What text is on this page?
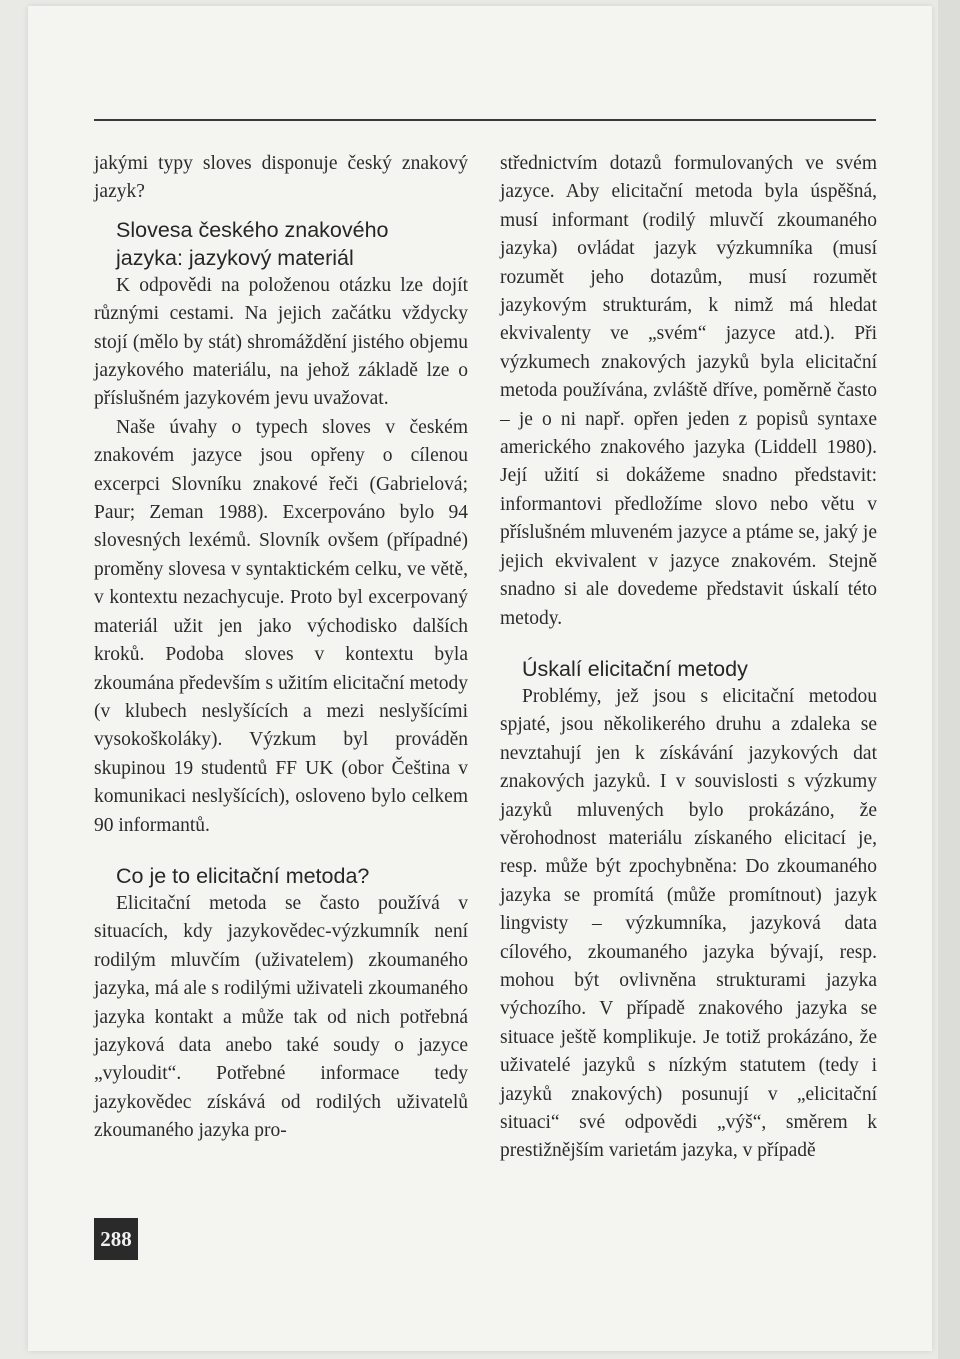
jakými typy sloves disponuje český znakový jazyk?

Slovesa českého znakového jazyka: jazykový materiál

K odpovědi na položenou otázku lze dojít různými cestami. Na jejich začátku vždycky stojí (mělo by stát) shromáždění jistého objemu jazykového materiálu, na jehož základě lze o příslušném jazykovém jevu uvažovat.

Naše úvahy o typech sloves v českém znakovém jazyce jsou opřeny o cílenou excerpci Slovníku znakové řeči (Gabrielová; Paur; Zeman 1988). Excerpováno bylo 94 slovesných lexémů. Slovník ovšem (případné) proměny slovesa v syntaktickém celku, ve větě, v kontextu nezachycuje. Proto byl excerpovaný materiál užit jen jako východisko dalších kroků. Podoba sloves v kontextu byla zkoumána především s užitím elicitační metody (v klubech neslyšících a mezi neslyšícími vysokoškoláky). Výzkum byl prováděn skupinou 19 studentů FF UK (obor Čeština v komunikaci neslyšících), osloveno bylo celkem 90 informantů.

Co je to elicitační metoda?

Elicitační metoda se často používá v situacích, kdy jazykovědec-výzkumník není rodilým mluvčím (uživatelem) zkoumaného jazyka, má ale s rodilými uživateli zkoumaného jazyka kontakt a může tak od nich potřebná jazyková data anebo také soudy o jazyce „vyloudit“. Potřebné informace tedy jazykovědec získává od rodilých uživatelů zkoumaného jazyka pro-

střednictvím dotazů formulovaných ve svém jazyce. Aby elicitační metoda byla úspěšná, musí informant (rodilý mluvčí zkoumaného jazyka) ovládat jazyk výzkumníka (musí rozumět jeho dotazům, musí rozumět jazykovým strukturám, k nimž má hledat ekvivalenty ve „svém“ jazyce atd.). Při výzkumech znakových jazyků byla elicitační metoda používána, zvláště dříve, poměrně často – je o ni např. opřen jeden z popisů syntaxe amerického znakového jazyka (Liddell 1980). Její užití si dokážeme snadno představit: informantovi předložíme slovo nebo větu v příslušném mluveném jazyce a ptáme se, jaký je jejich ekvivalent v jazyce znakovém. Stejně snadno si ale dovedeme představit úskalí této metody.

Úskalí elicitační metody

Problémy, jež jsou s elicitační metodou spjaté, jsou několikerého druhu a zdaleka se nevztahují jen k získávání jazykových dat znakových jazyků. I v souvislosti s výzkumy jazyků mluvených bylo prokázáno, že věrohodnost materiálu získaného elicitací je, resp. může být zpochybněna: Do zkoumaného jazyka se promítá (může promítnout) jazyk lingvisty – výzkumníka, jazyková data cílového, zkoumaného jazyka bývají, resp. mohou být ovlivněna strukturami jazyka výchozího. V případě znakového jazyka se situace ještě komplikuje. Je totiž prokázáno, že uživatelé jazyků s nízkým statutem (tedy i jazyků znakových) posunují v „elicitační situaci“ své odpovědi „výš“, směrem k prestižnějším varietám jazyka, v případě

288
